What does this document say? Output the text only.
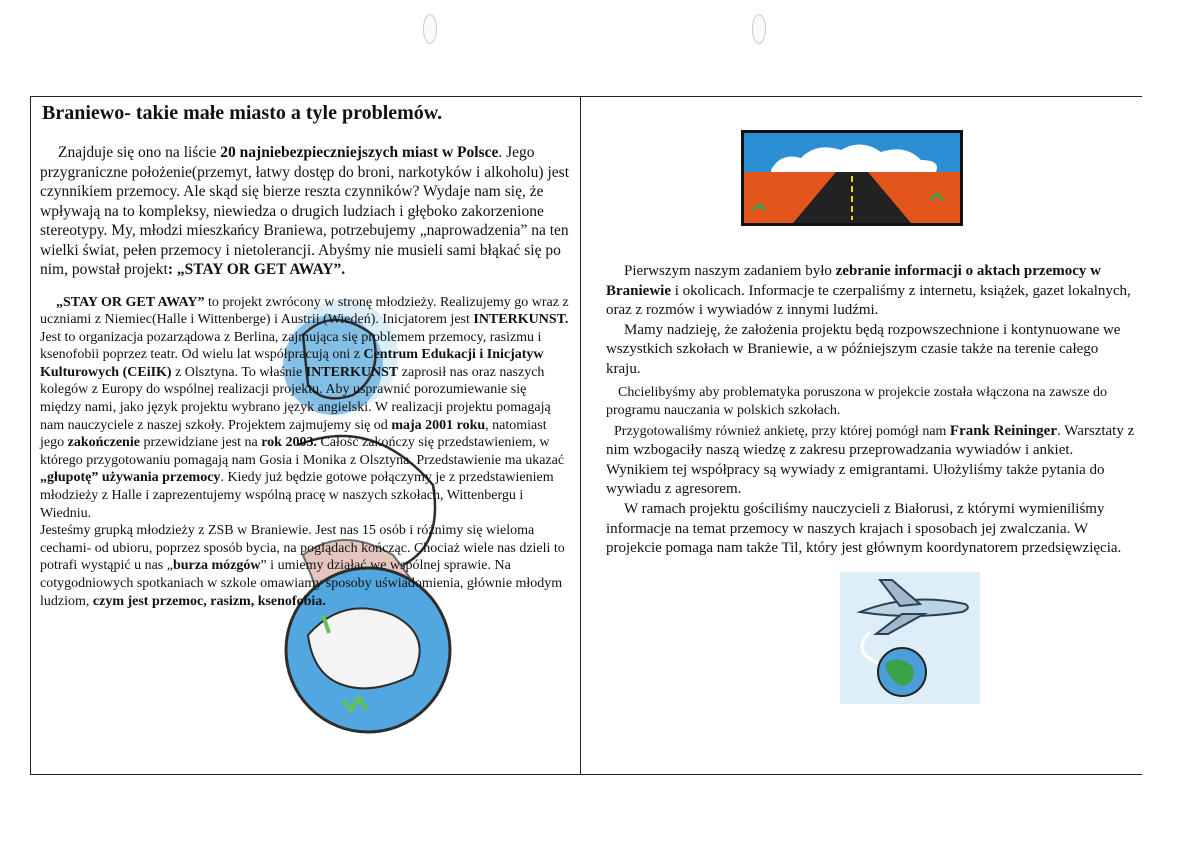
Braniewo- takie małe miasto a tyle problemów.

Znajduje się ono na liście 20 najniebezpieczniejszych miast w Polsce. Jego przygraniczne położenie(przemyt, łatwy dostęp do broni, narkotyków i alkoholu) jest czynnikiem przemocy. Ale skąd się bierze reszta czynników? Wydaje nam się, że wpływają na to kompleksy, niewiedza o drugich ludziach i głęboko zakorzenione stereotypy. My, młodzi mieszkańcy Braniewa, potrzebujemy „naprowadzenia” na ten wielki świat, pełen przemocy i nietolerancji. Abyśmy nie musieli sami błąkać się po nim, powstał projekt: „STAY OR GET AWAY”.

„STAY OR GET AWAY” to projekt zwrócony w stronę młodzieży. Realizujemy go wraz z uczniami z Niemiec(Halle i Wittenberge) i Austrii (Wiedeń). Inicjatorem jest INTERKUNST. Jest to organizacja pozarządowa z Berlina, zajmująca się problemem przemocy, rasizmu i ksenofobii poprzez teatr. Od wielu lat współpracują oni z Centrum Edukacji i Inicjatyw Kulturowych (CEiIK) z Olsztyna. To właśnie INTERKUNST zaprosił nas oraz naszych kolegów z Europy do wspólnej realizacji projektu. Aby usprawnić porozumiewanie się między nami, jako język projektu wybrano język angielski. W realizacji projektu pomagają nam nauczyciele z naszej szkoły. Projektem zajmujemy się od maja 2001 roku, natomiast jego zakończenie przewidziane jest na rok 2003. Całość zakończy się przedstawieniem, w którego przygotowaniu pomagają nam Gosia i Monika z Olsztyna. Przedstawienie ma ukazać „głupotę” używania przemocy. Kiedy już będzie gotowe połączymy je z przedstawieniem młodzieży z Halle i zaprezentujemy wspólną pracę w naszych szkołach, Wittenbergu i Wiedniu.
Jesteśmy grupką młodzieży z ZSB w Braniewie. Jest nas 15 osób i różnimy się wieloma cechami- od ubioru, poprzez sposób bycia, na poglądach kończąc. Chociaż wiele nas dzieli to potrafi wystąpić u nas „burza mózgów” i umiemy działać we wspólnej sprawie. Na cotygodniowych spotkaniach w szkole omawiamy sposoby uświadomienia, głównie młodym ludziom, czym jest przemoc, rasizm, ksenofobia.

Pierwszym naszym zadaniem było zebranie informacji o aktach przemocy w Braniewie i okolicach. Informacje te czerpaliśmy z internetu, książek, gazet lokalnych, oraz z rozmów i wywiadów z innymi ludźmi.

Mamy nadzieję, że założenia projektu będą rozpowszechnione i kontynuowane we wszystkich szkołach w Braniewie, a w późniejszym czasie także na terenie całego kraju.

Chcielibyśmy aby problematyka poruszona w projekcie została włączona na zawsze do programu nauczania w polskich szkołach.

Przygotowaliśmy również ankietę, przy której pomógł nam Frank Reininger. Warsztaty z nim wzbogaciły naszą wiedzę z zakresu przeprowadzania wywiadów i ankiet. Wynikiem tej współpracy są wywiady z emigrantami. Ułożyliśmy także pytania do wywiadu z agresorem.

W ramach projektu gościliśmy nauczycieli z Białorusi, z którymi wymieniliśmy informacje na temat przemocy w naszych krajach i sposobach jej zwalczania. W projekcie pomaga nam także Til, który jest głównym koordynatorem przedsięwzięcia.
